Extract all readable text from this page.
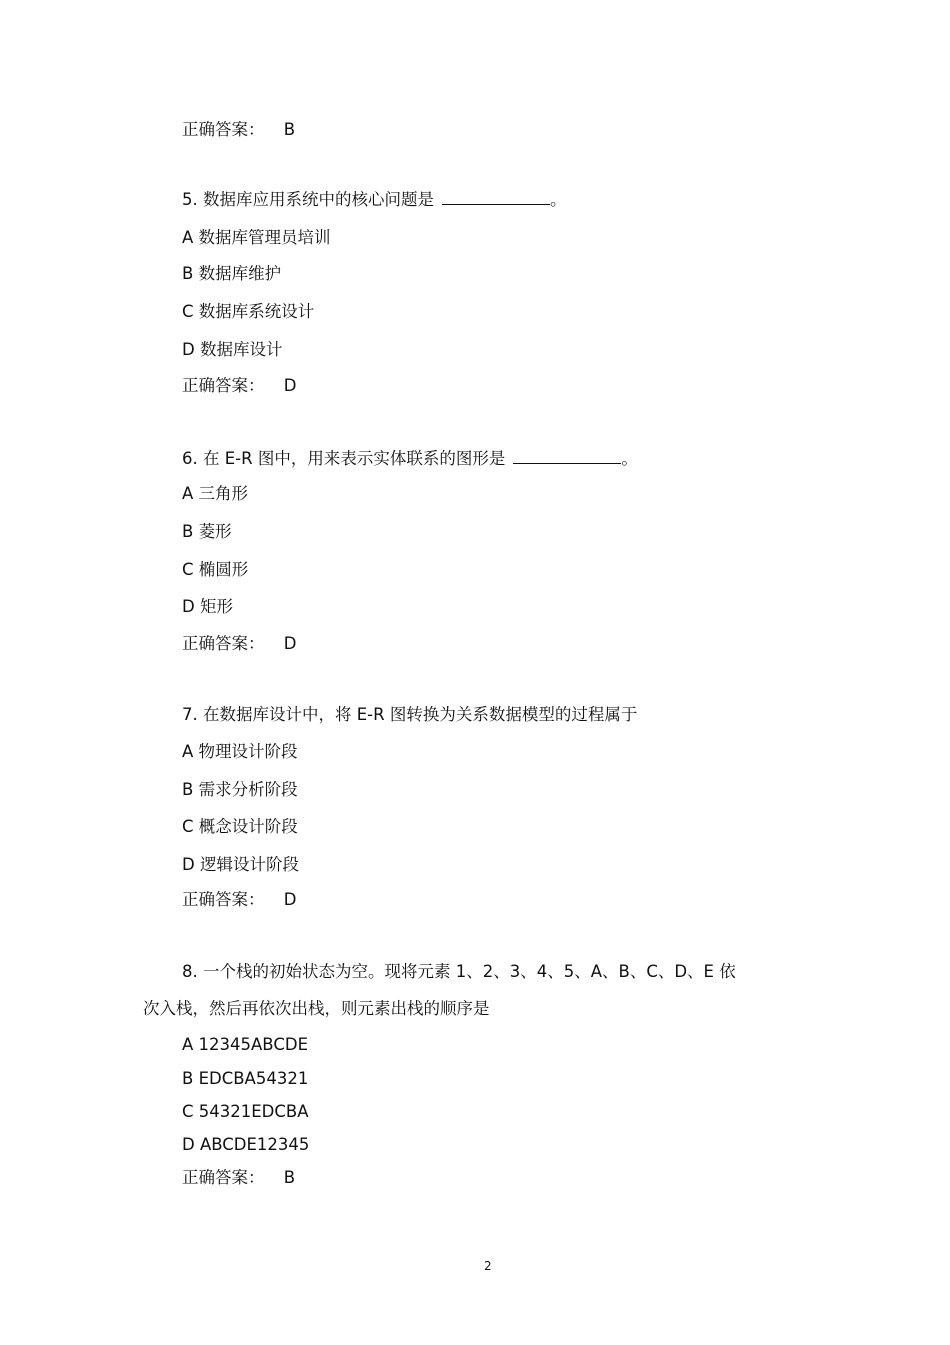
正确答案： B
5. 数据库应用系统中的核心问题是	。
A 数据库管理员培训
B 数据库维护
C 数据库系统设计
D 数据库设计
正确答案： D
6. 在 E-R 图中，用来表示实体联系的图形是	。
A 三角形
B 菱形
C 椭圆形
D 矩形
正确答案： D
7. 在数据库设计中，将 E-R 图转换为关系数据模型的过程属于
A 物理设计阶段
B 需求分析阶段
C 概念设计阶段
D 逻辑设计阶段
正确答案： D
8. 一个栈的初始状态为空。现将元素 1、2、3、4、5、A、B、C、D、E 依
次入栈，然后再依次出栈，则元素出栈的顺序是
A 12345ABCDE
B EDCBA54321
C 54321EDCBA
D ABCDE12345
正确答案： B
2
